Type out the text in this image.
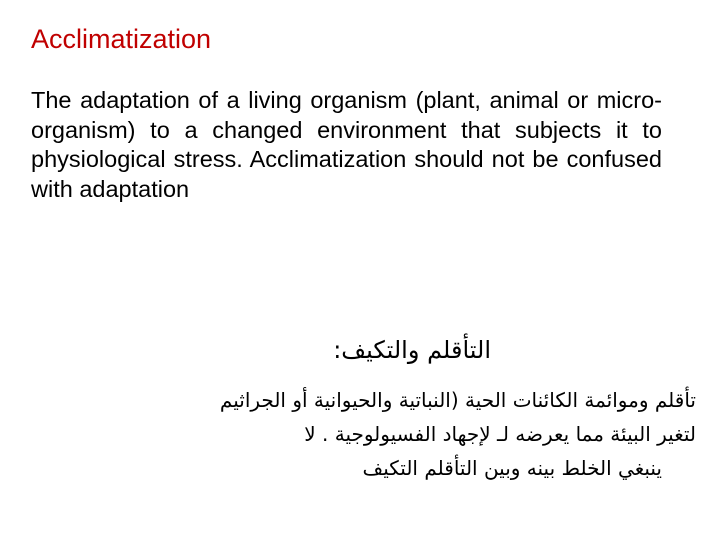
Acclimatization
The adaptation of a living organism (plant, animal or micro-organism) to a changed environment that subjects it to physiological stress. Acclimatization should not be confused with adaptation
التأقلم والتكيف:
تأقلم وموائمة الكائنات الحية (النباتية والحيوانية أو الجراثيم
لتغير البيئة مما يعرضه لـ لإجهاد الفسيولوجية . لا
ينبغي الخلط بينه وبين التأقلم التكيف
